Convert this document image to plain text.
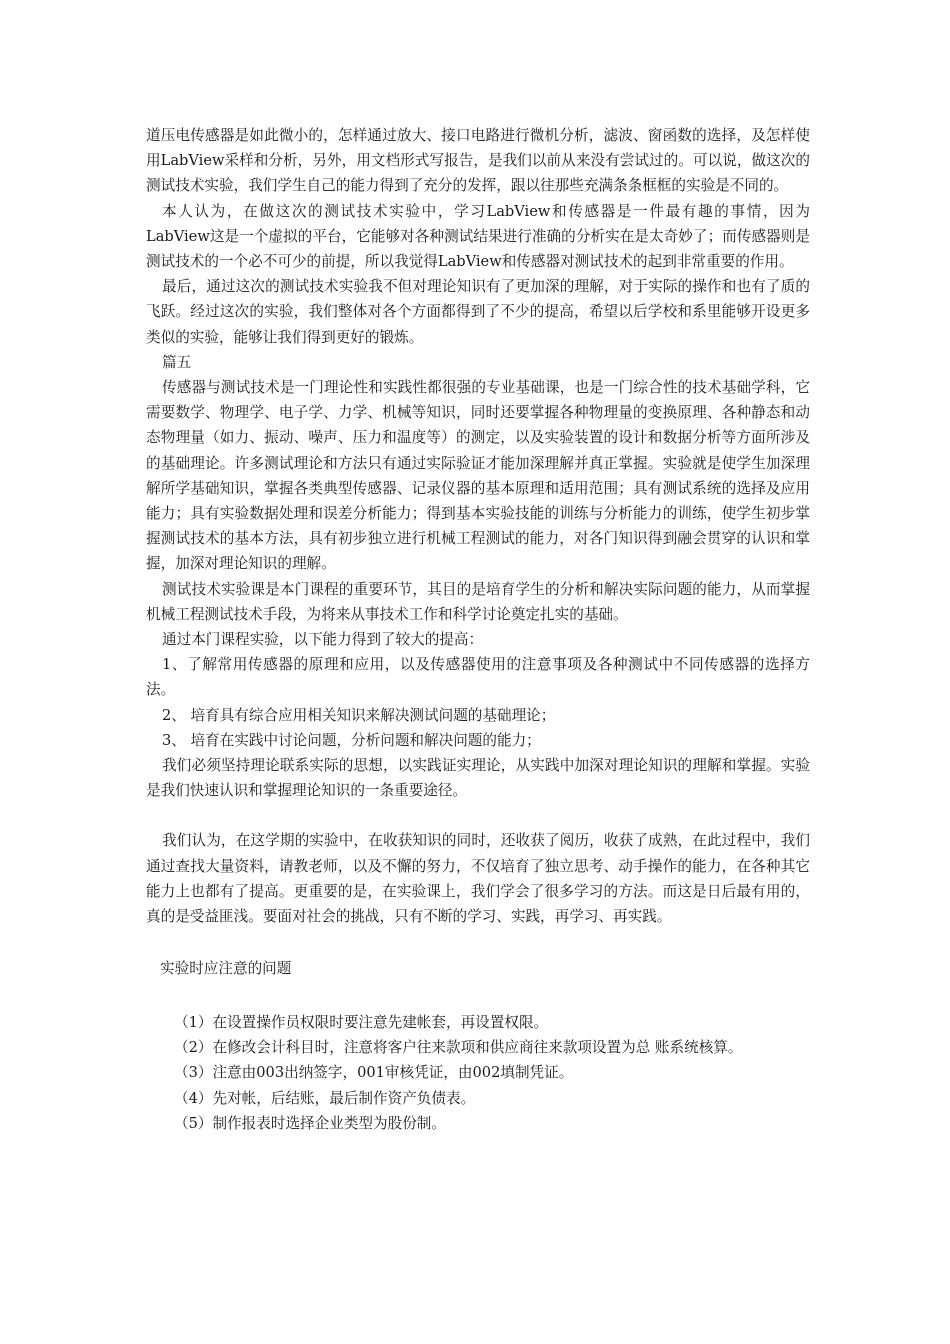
道压电传感器是如此微小的，怎样通过放大、接口电路进行微机分析，滤波、窗函数的选择，及怎样使用LabView采样和分析，另外，用文档形式写报告，是我们以前从来没有尝试过的。可以说，做这次的测试技术实验，我们学生自己的能力得到了充分的发挥，跟以往那些充满条条框框的实验是不同的。

本人认为，在做这次的测试技术实验中，学习LabView和传感器是一件最有趣的事情，因为LabView这是一个虚拟的平台，它能够对各种测试结果进行准确的分析实在是太奇妙了；而传感器则是测试技术的一个必不可少的前提，所以我觉得LabView和传感器对测试技术的起到非常重要的作用。

最后，通过这次的测试技术实验我不但对理论知识有了更加深的理解，对于实际的操作和也有了质的飞跃。经过这次的实验，我们整体对各个方面都得到了不少的提高，希望以后学校和系里能够开设更多类似的实验，能够让我们得到更好的锻炼。

篇五

传感器与测试技术是一门理论性和实践性都很强的专业基础课，也是一门综合性的技术基础学科，它需要数学、物理学、电子学、力学、机械等知识，同时还要掌握各种物理量的变换原理、各种静态和动态物理量（如力、振动、噪声、压力和温度等）的测定，以及实验装置的设计和数据分析等方面所涉及的基础理论。许多测试理论和方法只有通过实际验证才能加深理解并真正掌握。实验就是使学生加深理解所学基础知识，掌握各类典型传感器、记录仪器的基本原理和适用范围；具有测试系统的选择及应用能力；具有实验数据处理和误差分析能力；得到基本实验技能的训练与分析能力的训练，使学生初步掌握测试技术的基本方法，具有初步独立进行机械工程测试的能力，对各门知识得到融会贯穿的认识和掌握，加深对理论知识的理解。

测试技术实验课是本门课程的重要环节，其目的是培育学生的分析和解决实际问题的能力，从而掌握机械工程测试技术手段，为将来从事技术工作和科学讨论奠定扎实的基础。

通过本门课程实验，以下能力得到了较大的提高：

1、了解常用传感器的原理和应用，以及传感器使用的注意事项及各种测试中不同传感器的选择方法。

2、 培育具有综合应用相关知识来解决测试问题的基础理论；

3、 培育在实践中讨论问题，分析问题和解决问题的能力；

我们必须坚持理论联系实际的思想，以实践证实理论，从实践中加深对理论知识的理解和掌握。实验是我们快速认识和掌握理论知识的一条重要途径。

我们认为，在这学期的实验中，在收获知识的同时，还收获了阅历，收获了成熟，在此过程中，我们通过查找大量资料，请教老师，以及不懈的努力，不仅培育了独立思考、动手操作的能力，在各种其它能力上也都有了提高。更重要的是，在实验课上，我们学会了很多学习的方法。而这是日后最有用的，真的是受益匪浅。要面对社会的挑战，只有不断的学习、实践，再学习、再实践。

实验时应注意的问题

（1）在设置操作员权限时要注意先建帐套，再设置权限。

（2）在修改会计科目时，注意将客户往来款项和供应商往来款项设置为总 账系统核算。

（3）注意由003出纳签字，001审核凭证，由002填制凭证。

（4）先对帐，后结账，最后制作资产负债表。

（5）制作报表时选择企业类型为股份制。
